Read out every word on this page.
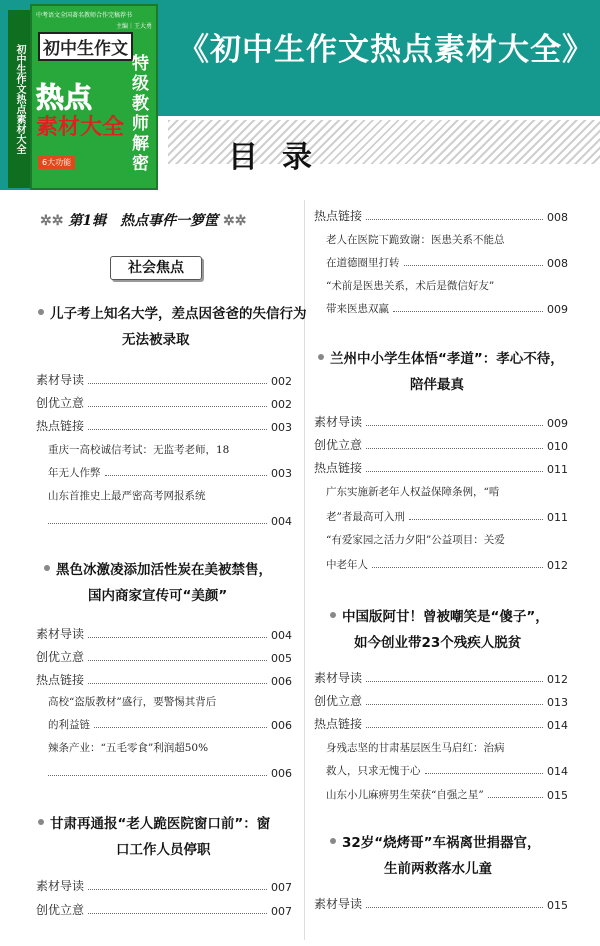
初中生作文热点素材大全
中考语文全国著名教师合作完稿荐书
主编｜王大勇
初中生作文
热点
素材大全
特级教师解密
6大功能
《初中生作文热点素材大全》
目录
✲✲ 第1辑　热点事件一箩筐 ✲✲
社会焦点
儿子考上知名大学，差点因爸爸的失信行为
无法被录取
素材导读	002
创优立意	002
热点链接	003
重庆一高校诚信考试：无监考老师，18
年无人作弊	003
山东首推史上最严密高考网报系统
004
黑色冰激凌添加活性炭在美被禁售，
国内商家宣传可“美颜”
素材导读	004
创优立意	005
热点链接	006
高校“盗版教材”盛行，要警惕其背后
的利益链	006
辣条产业：“五毛零食”利润超50%
006
甘肃再通报“老人跪医院窗口前”：窗
口工作人员停职
素材导读	007
创优立意	007
热点链接	008
老人在医院下跪致谢：医患关系不能总
在道德圈里打转	008
“术前是医患关系，术后是微信好友”
带来医患双赢	009
兰州中小学生体悟“孝道”：孝心不待，
陪伴最真
素材导读	009
创优立意	010
热点链接	011
广东实施新老年人权益保障条例，“啃
老”者最高可入刑	011
“有爱家园之活力夕阳”公益项目：关爱
中老年人	012
中国版阿甘！曾被嘲笑是“傻子”，
如今创业带23个残疾人脱贫
素材导读	012
创优立意	013
热点链接	014
身残志坚的甘肃基层医生马启红：治病
救人，只求无愧于心	014
山东小儿麻痹男生荣获“自强之星”	015
32岁“烧烤哥”车祸离世捐器官，
生前两救落水儿童
素材导读	015
